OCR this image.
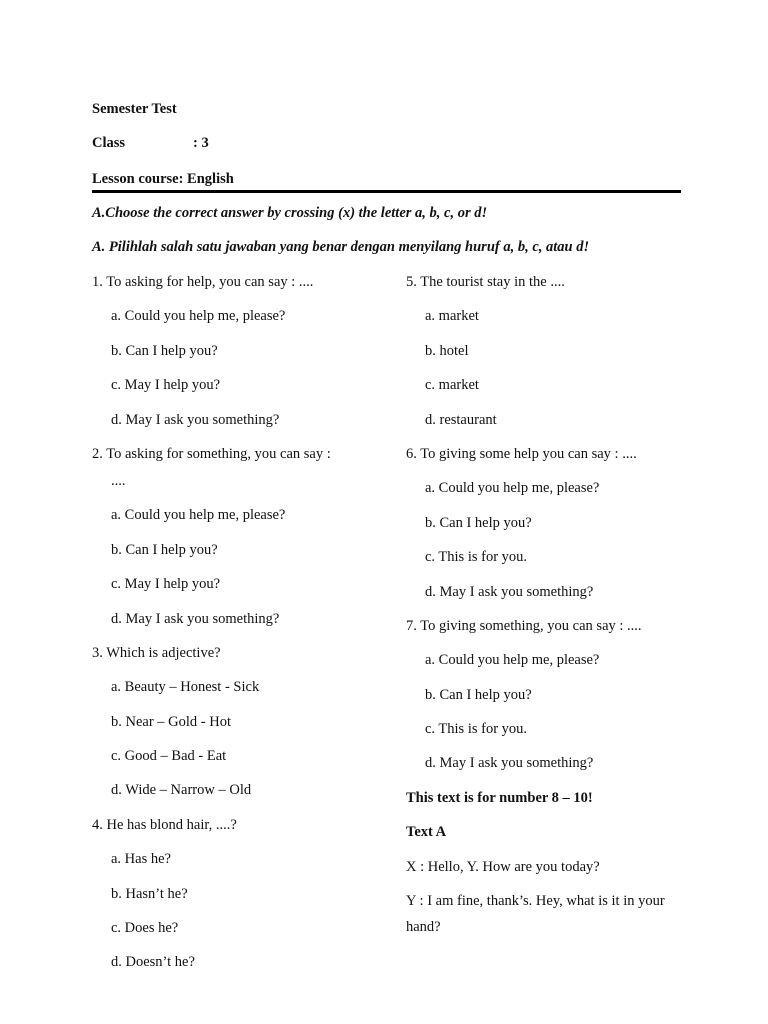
Semester Test
Class	: 3
Lesson course: English
A.Choose the correct answer by crossing (x) the letter a, b, c, or d!
A. Pilihlah salah satu jawaban yang benar dengan menyilang huruf a, b, c, atau d!
1. To asking for help, you can say : ....
a. Could you help me, please?
b. Can I help you?
c. May I help you?
d. May I ask you something?
2. To asking for something, you can say :
....
a. Could you help me, please?
b. Can I help you?
c. May I help you?
d. May I ask you something?
3. Which is adjective?
a. Beauty – Honest - Sick
b. Near – Gold - Hot
c. Good – Bad - Eat
d. Wide – Narrow – Old
4. He has blond hair, ....?
a. Has he?
b. Hasn’t he?
c. Does he?
d. Doesn’t he?
5. The tourist stay in the ....
a. market
b. hotel
c. market
d. restaurant
6. To giving some help you can say : ....
a. Could you help me, please?
b. Can I help you?
c. This is for you.
d. May I ask you something?
7. To giving something, you can say : ....
a. Could you help me, please?
b. Can I help you?
c. This is for you.
d. May I ask you something?
This text is for number 8 – 10!
Text A
X : Hello, Y. How are you today?
Y : I am fine, thank’s. Hey, what is it in your hand?
